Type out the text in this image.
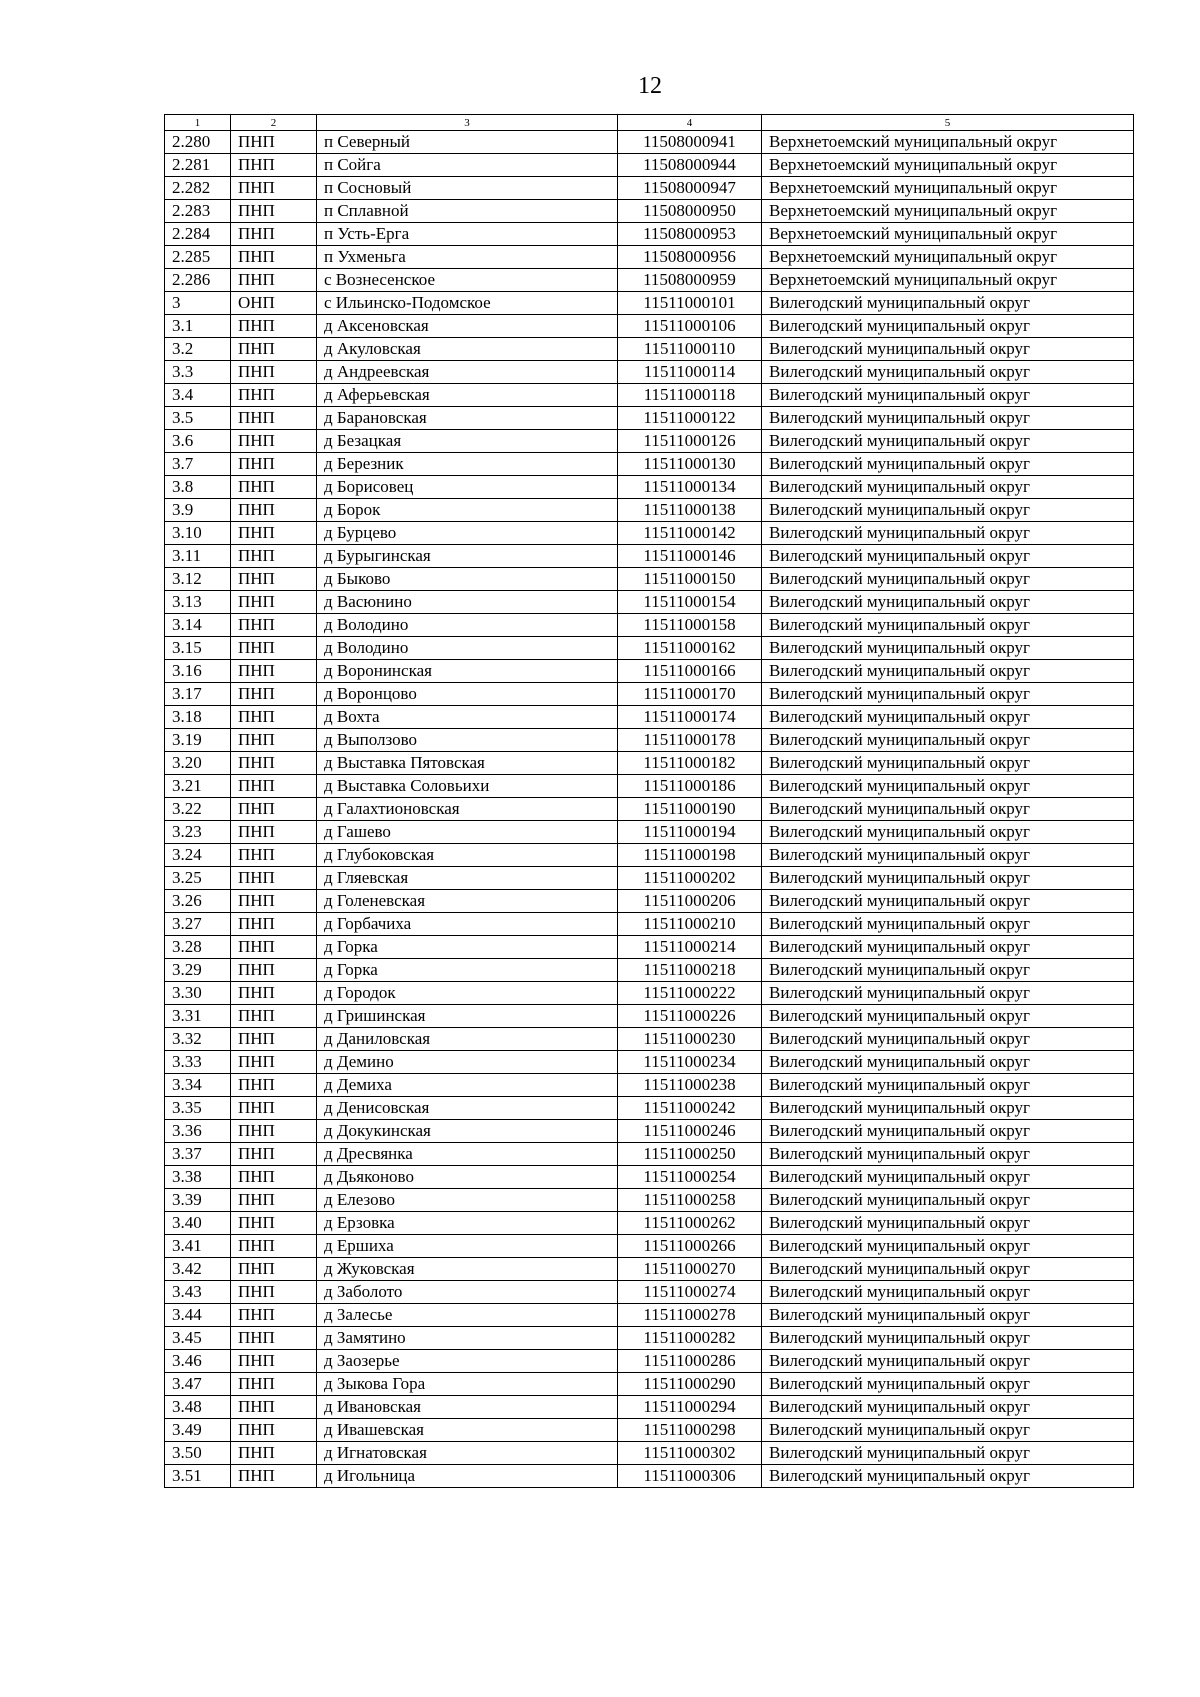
12
1	2	3	4	5
2.280	ПНП	п Северный	11508000941	Верхнетоемский муниципальный округ
2.281	ПНП	п Сойга	11508000944	Верхнетоемский муниципальный округ
2.282	ПНП	п Сосновый	11508000947	Верхнетоемский муниципальный округ
2.283	ПНП	п Сплавной	11508000950	Верхнетоемский муниципальный округ
2.284	ПНП	п Усть-Ерга	11508000953	Верхнетоемский муниципальный округ
2.285	ПНП	п Ухменьга	11508000956	Верхнетоемский муниципальный округ
2.286	ПНП	с Вознесенское	11508000959	Верхнетоемский муниципальный округ
3	ОНП	с Ильинско-Подомское	11511000101	Вилегодский муниципальный округ
3.1	ПНП	д Аксеновская	11511000106	Вилегодский муниципальный округ
3.2	ПНП	д Акуловская	11511000110	Вилегодский муниципальный округ
3.3	ПНП	д Андреевская	11511000114	Вилегодский муниципальный округ
3.4	ПНП	д Аферьевская	11511000118	Вилегодский муниципальный округ
3.5	ПНП	д Барановская	11511000122	Вилегодский муниципальный округ
3.6	ПНП	д Безацкая	11511000126	Вилегодский муниципальный округ
3.7	ПНП	д Березник	11511000130	Вилегодский муниципальный округ
3.8	ПНП	д Борисовец	11511000134	Вилегодский муниципальный округ
3.9	ПНП	д Борок	11511000138	Вилегодский муниципальный округ
3.10	ПНП	д Бурцево	11511000142	Вилегодский муниципальный округ
3.11	ПНП	д Бурыгинская	11511000146	Вилегодский муниципальный округ
3.12	ПНП	д Быково	11511000150	Вилегодский муниципальный округ
3.13	ПНП	д Васюнино	11511000154	Вилегодский муниципальный округ
3.14	ПНП	д Володино	11511000158	Вилегодский муниципальный округ
3.15	ПНП	д Володино	11511000162	Вилегодский муниципальный округ
3.16	ПНП	д Воронинская	11511000166	Вилегодский муниципальный округ
3.17	ПНП	д Воронцово	11511000170	Вилегодский муниципальный округ
3.18	ПНП	д Вохта	11511000174	Вилегодский муниципальный округ
3.19	ПНП	д Выползово	11511000178	Вилегодский муниципальный округ
3.20	ПНП	д Выставка Пятовская	11511000182	Вилегодский муниципальный округ
3.21	ПНП	д Выставка Соловьихи	11511000186	Вилегодский муниципальный округ
3.22	ПНП	д Галахтионовская	11511000190	Вилегодский муниципальный округ
3.23	ПНП	д Гашево	11511000194	Вилегодский муниципальный округ
3.24	ПНП	д Глубоковская	11511000198	Вилегодский муниципальный округ
3.25	ПНП	д Гляевская	11511000202	Вилегодский муниципальный округ
3.26	ПНП	д Голеневская	11511000206	Вилегодский муниципальный округ
3.27	ПНП	д Горбачиха	11511000210	Вилегодский муниципальный округ
3.28	ПНП	д Горка	11511000214	Вилегодский муниципальный округ
3.29	ПНП	д Горка	11511000218	Вилегодский муниципальный округ
3.30	ПНП	д Городок	11511000222	Вилегодский муниципальный округ
3.31	ПНП	д Гришинская	11511000226	Вилегодский муниципальный округ
3.32	ПНП	д Даниловская	11511000230	Вилегодский муниципальный округ
3.33	ПНП	д Демино	11511000234	Вилегодский муниципальный округ
3.34	ПНП	д Демиха	11511000238	Вилегодский муниципальный округ
3.35	ПНП	д Денисовская	11511000242	Вилегодский муниципальный округ
3.36	ПНП	д Докукинская	11511000246	Вилегодский муниципальный округ
3.37	ПНП	д Дресвянка	11511000250	Вилегодский муниципальный округ
3.38	ПНП	д Дьяконово	11511000254	Вилегодский муниципальный округ
3.39	ПНП	д Елезово	11511000258	Вилегодский муниципальный округ
3.40	ПНП	д Ерзовка	11511000262	Вилегодский муниципальный округ
3.41	ПНП	д Ершиха	11511000266	Вилегодский муниципальный округ
3.42	ПНП	д Жуковская	11511000270	Вилегодский муниципальный округ
3.43	ПНП	д Заболото	11511000274	Вилегодский муниципальный округ
3.44	ПНП	д Залесье	11511000278	Вилегодский муниципальный округ
3.45	ПНП	д Замятино	11511000282	Вилегодский муниципальный округ
3.46	ПНП	д Заозерье	11511000286	Вилегодский муниципальный округ
3.47	ПНП	д Зыкова Гора	11511000290	Вилегодский муниципальный округ
3.48	ПНП	д Ивановская	11511000294	Вилегодский муниципальный округ
3.49	ПНП	д Ивашевская	11511000298	Вилегодский муниципальный округ
3.50	ПНП	д Игнатовская	11511000302	Вилегодский муниципальный округ
3.51	ПНП	д Игольница	11511000306	Вилегодский муниципальный округ
